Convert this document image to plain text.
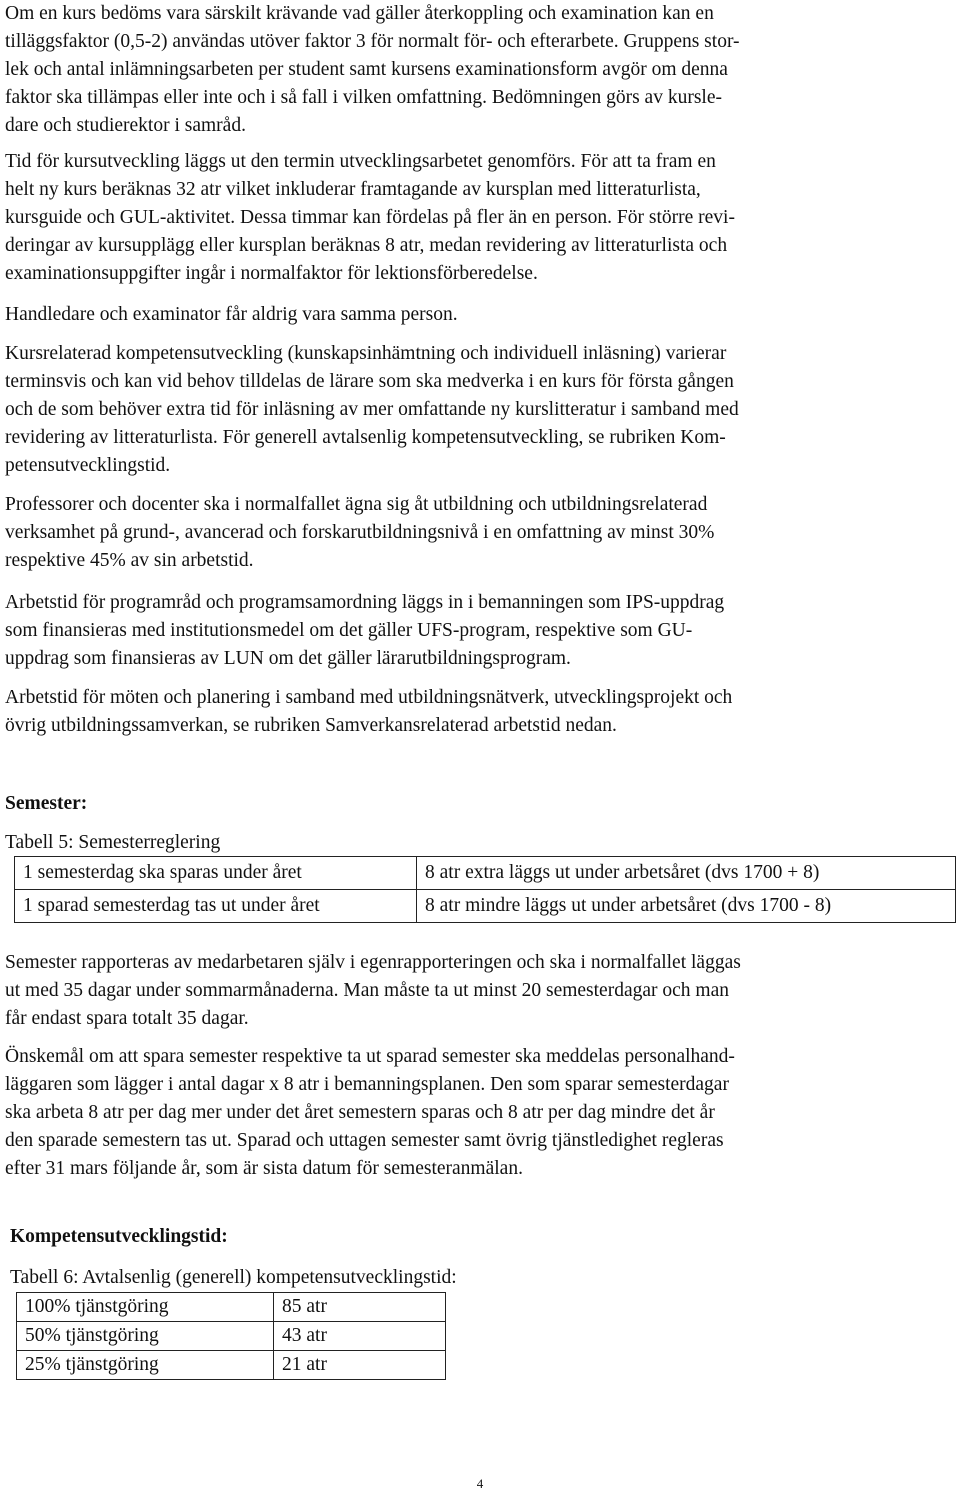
Om en kurs bedöms vara särskilt krävande vad gäller återkoppling och examination kan en
tilläggsfaktor (0,5-2) användas utöver faktor 3 för normalt för- och efterarbete. Gruppens stor-
lek och antal inlämningsarbeten per student samt kursens examinationsform avgör om denna
faktor ska tillämpas eller inte och i så fall i vilken omfattning. Bedömningen görs av kursle-
dare och studierektor i samråd.

Tid för kursutveckling läggs ut den termin utvecklingsarbetet genomförs. För att ta fram en
helt ny kurs beräknas 32 atr vilket inkluderar framtagande av kursplan med litteraturlista,
kursguide och GUL-aktivitet. Dessa timmar kan fördelas på fler än en person. För större revi-
deringar av kursupplägg eller kursplan beräknas 8 atr, medan revidering av litteraturlista och
examinationsuppgifter ingår i normalfaktor för lektionsförberedelse.

Handledare och examinator får aldrig vara samma person.

Kursrelaterad kompetensutveckling (kunskapsinhämtning och individuell inläsning) varierar
terminsvis och kan vid behov tilldelas de lärare som ska medverka i en kurs för första gången
och de som behöver extra tid för inläsning av mer omfattande ny kurslitteratur i samband med
revidering av litteraturlista. För generell avtalsenlig kompetensutveckling, se rubriken Kom-
petensutvecklingstid.

Professorer och docenter ska i normalfallet ägna sig åt utbildning och utbildningsrelaterad
verksamhet på grund-, avancerad och forskarutbildningsnivå i en omfattning av minst 30%
respektive 45% av sin arbetstid.

Arbetstid för programråd och programsamordning läggs in i bemanningen som IPS-uppdrag
som finansieras med institutionsmedel om det gäller UFS-program, respektive som GU-
uppdrag som finansieras av LUN om det gäller lärarutbildningsprogram.

Arbetstid för möten och planering i samband med utbildningsnätverk, utvecklingsprojekt och
övrig utbildningssamverkan, se rubriken Samverkansrelaterad arbetstid nedan.

Semester:

Tabell 5: Semesterreglering

1 semesterdag ska sparas under året	8 atr extra läggs ut under arbetsåret (dvs 1700 + 8)
1 sparad semesterdag tas ut under året	8 atr mindre läggs ut under arbetsåret (dvs 1700 - 8)

Semester rapporteras av medarbetaren själv i egenrapporteringen och ska i normalfallet läggas
ut med 35 dagar under sommarmånaderna. Man måste ta ut minst 20 semesterdagar och man
får endast spara totalt 35 dagar.

Önskemål om att spara semester respektive ta ut sparad semester ska meddelas personalhand-
läggaren som lägger i antal dagar x 8 atr i bemanningsplanen. Den som sparar semesterdagar
ska arbeta 8 atr per dag mer under det året semestern sparas och 8 atr per dag mindre det år
den sparade semestern tas ut. Sparad och uttagen semester samt övrig tjänstledighet regleras
efter 31 mars följande år, som är sista datum för semesteranmälan.

Kompetensutvecklingstid:

Tabell 6: Avtalsenlig (generell) kompetensutvecklingstid:

100% tjänstgöring	85 atr
50% tjänstgöring	43 atr
25% tjänstgöring	21 atr
4
